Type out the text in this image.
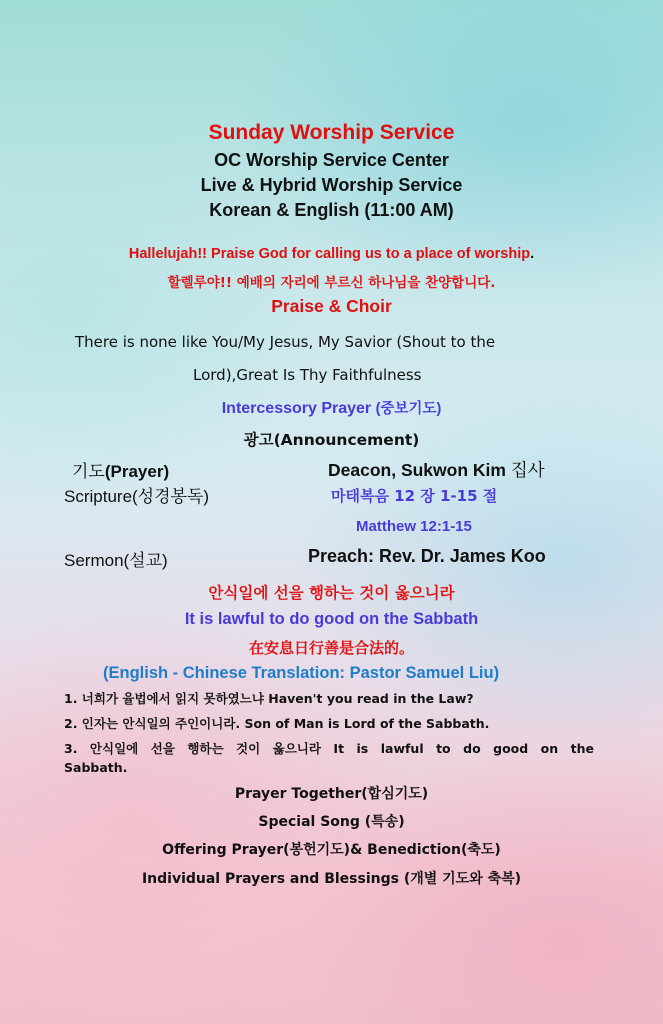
Sunday Worship Service
OC Worship Service Center
Live & Hybrid Worship Service
Korean & English (11:00 AM)
Hallelujah!! Praise God for calling us to a place of worship.
할렐루야!! 예배의 자리에 부르신 하나님을 찬양합니다.
Praise & Choir
There is none like You/My Jesus, My Savior (Shout to the
Lord),Great Is Thy Faithfulness
Intercessory Prayer (중보기도)
광고(Announcement)
기도(Prayer)	Deacon, Sukwon Kim 집사
Scripture(성경봉독)	마태복음 12 장 1-15 절
Matthew 12:1-15
Sermon(설교)	Preach: Rev. Dr. James Koo
안식일에 선을 행하는 것이 옳으니라
It is lawful to do good on the Sabbath
在安息日行善是合法的。
(English - Chinese Translation: Pastor Samuel Liu)
1. 너희가 율법에서 읽지 못하였느냐 Haven't you read in the Law?
2. 인자는 안식일의 주인이니라. Son of Man is Lord of the Sabbath.
3. 안식일에 선을 행하는 것이 옳으니라 It is lawful to do good on the
Sabbath.
Prayer Together(합심기도)
Special Song (특송)
Offering Prayer(봉헌기도)& Benediction(축도)
Individual Prayers and Blessings (개별 기도와 축복)
